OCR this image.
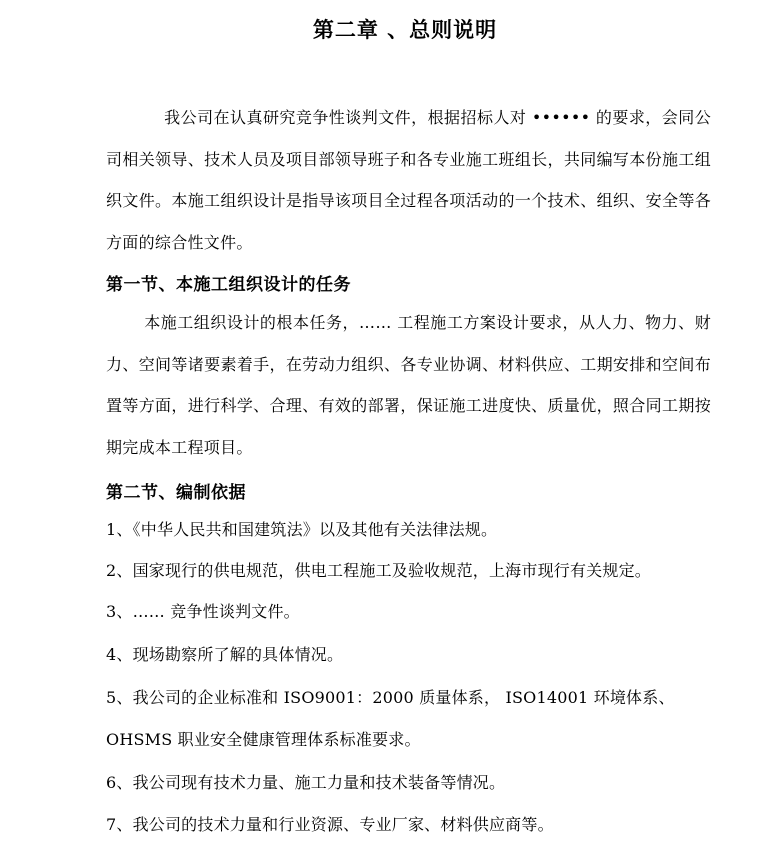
第二章 、总则说明
我公司在认真研究竞争性谈判文件，根据招标人对 •••••• 的要求，会同公司相关领导、技术人员及项目部领导班子和各专业施工班组长，共同编写本份施工组织文件。本施工组织设计是指导该项目全过程各项活动的一个技术、组织、安全等各方面的综合性文件。
第一节、本施工组织设计的任务
本施工组织设计的根本任务，…… 工程施工方案设计要求，从人力、物力、财力、空间等诸要素着手，在劳动力组织、各专业协调、材料供应、工期安排和空间布置等方面，进行科学、合理、有效的部署，保证施工进度快、质量优，照合同工期按期完成本工程项目。
第二节、编制依据
1、《中华人民共和国建筑法》以及其他有关法律法规。
2、国家现行的供电规范，供电工程施工及验收规范，上海市现行有关规定。
3、…… 竞争性谈判文件。
4、现场勘察所了解的具体情况。
5、我公司的企业标准和 ISO9001：2000 质量体系， ISO14001 环境体系、OHSMS 职业安全健康管理体系标准要求。
6、我公司现有技术力量、施工力量和技术装备等情况。
7、我公司的技术力量和行业资源、专业厂家、材料供应商等。
